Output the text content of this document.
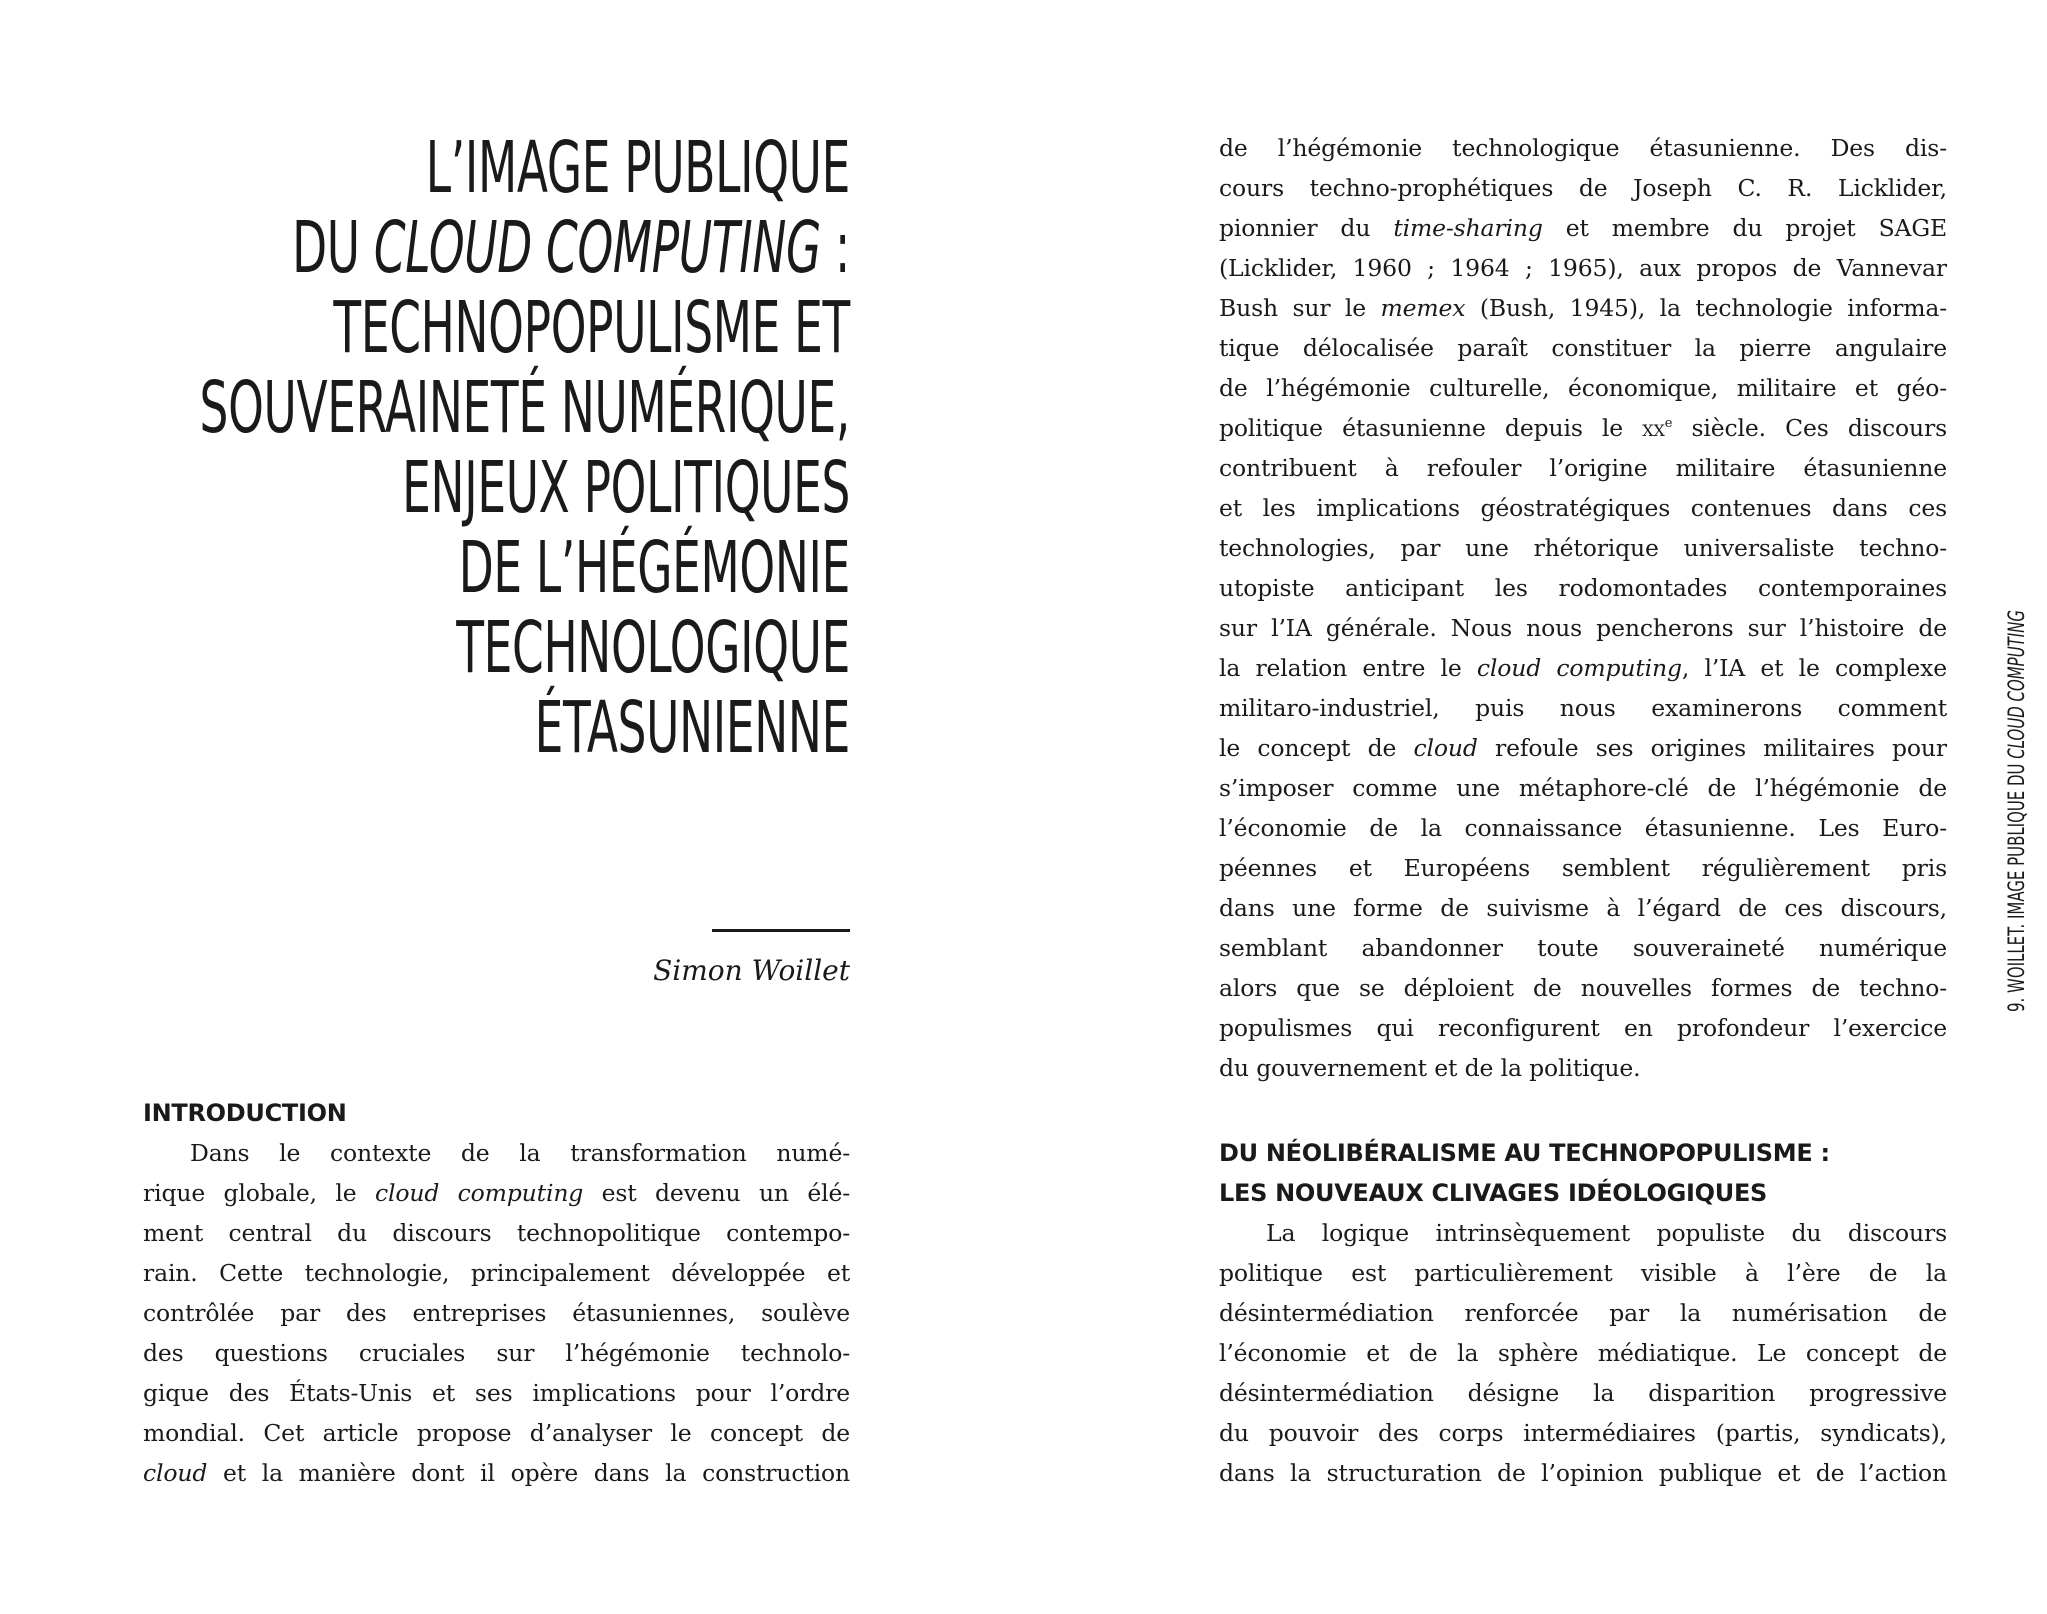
L’IMAGE PUBLIQUE
DU CLOUD COMPUTING :
TECHNOPOPULISME ET
SOUVERAINETÉ NUMÉRIQUE,
ENJEUX POLITIQUES
DE L’HÉGÉMONIE
TECHNOLOGIQUE
ÉTASUNIENNE
Simon Woillet
INTRODUCTION
Dans le contexte de la transformation numé-
rique globale, le cloud computing est devenu un élé-
ment central du discours technopolitique contempo-
rain. Cette technologie, principalement développée et
contrôlée par des entreprises étasuniennes, soulève
des questions cruciales sur l’hégémonie technolo-
gique des États-Unis et ses implications pour l’ordre
mondial. Cet article propose d’analyser le concept de
cloud et la manière dont il opère dans la construction
de l’hégémonie technologique étasunienne. Des dis-
cours techno-prophétiques de Joseph C. R. Licklider,
pionnier du time-sharing et membre du projet SAGE
(Licklider, 1960 ; 1964 ; 1965), aux propos de Vannevar
Bush sur le memex (Bush, 1945), la technologie informa-
tique délocalisée paraît constituer la pierre angulaire
de l’hégémonie culturelle, économique, militaire et géo-
politique étasunienne depuis le $xx^e$ siècle. Ces discours
contribuent à refouler l’origine militaire étasunienne
et les implications géostratégiques contenues dans ces
technologies, par une rhétorique universaliste techno-
utopiste anticipant les rodomontades contemporaines
sur l’IA générale. Nous nous pencherons sur l’histoire de
la relation entre le cloud computing, l’IA et le complexe
militaro-industriel, puis nous examinerons comment
le concept de cloud refoule ses origines militaires pour
s’imposer comme une métaphore-clé de l’hégémonie de
l’économie de la connaissance étasunienne. Les Euro-
péennes et Européens semblent régulièrement pris
dans une forme de suivisme à l’égard de ces discours,
semblant abandonner toute souveraineté numérique
alors que se déploient de nouvelles formes de techno-
populismes qui reconfigurent en profondeur l’exercice
du gouvernement et de la politique.
DU NÉOLIBÉRALISME AU TECHNOPOPULISME :
LES NOUVEAUX CLIVAGES IDÉOLOGIQUES
La logique intrinsèquement populiste du discours
politique est particulièrement visible à l’ère de la
désintermédiation renforcée par la numérisation de
l’économie et de la sphère médiatique. Le concept de
désintermédiation désigne la disparition progressive
du pouvoir des corps intermédiaires (partis, syndicats),
dans la structuration de l’opinion publique et de l’action
9. WOILLET. IMAGE PUBLIQUE DU CLOUD COMPUTING
